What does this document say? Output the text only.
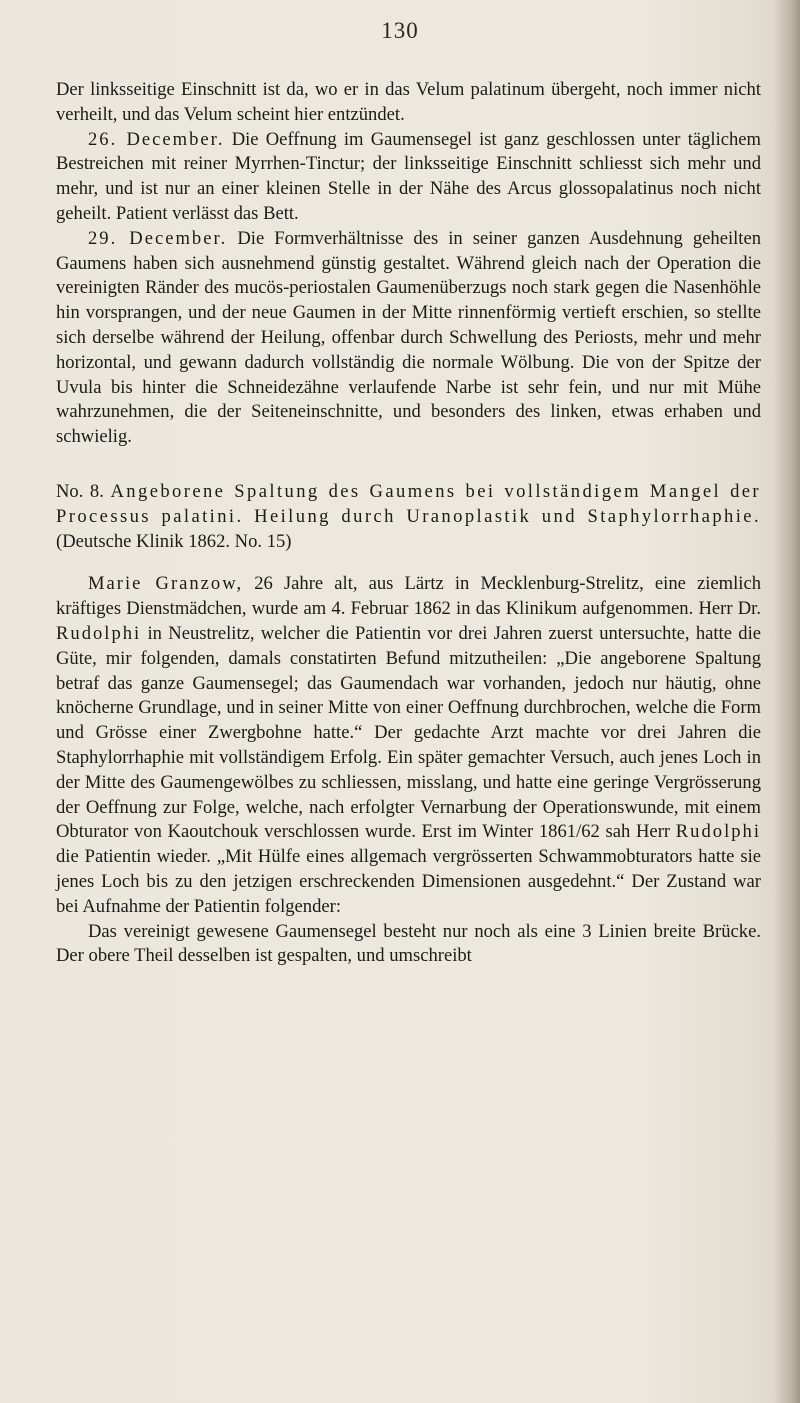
130

Der linksseitige Einschnitt ist da, wo er in das Velum palatinum übergeht, noch immer nicht verheilt, und das Velum scheint hier entzündet.

26. December. Die Oeffnung im Gaumensegel ist ganz geschlossen unter täglichem Bestreichen mit reiner Myrrhen-Tinctur; der linksseitige Einschnitt schliesst sich mehr und mehr, und ist nur an einer kleinen Stelle in der Nähe des Arcus glossopalatinus noch nicht geheilt. Patient verlässt das Bett.

29. December. Die Formverhältnisse des in seiner ganzen Ausdehnung geheilten Gaumens haben sich ausnehmend günstig gestaltet. Während gleich nach der Operation die vereinigten Ränder des mucös-periostalen Gaumenüberzugs noch stark gegen die Nasenhöhle hin vorsprangen, und der neue Gaumen in der Mitte rinnenförmig vertieft erschien, so stellte sich derselbe während der Heilung, offenbar durch Schwellung des Periosts, mehr und mehr horizontal, und gewann dadurch vollständig die normale Wölbung. Die von der Spitze der Uvula bis hinter die Schneidezähne verlaufende Narbe ist sehr fein, und nur mit Mühe wahrzunehmen, die der Seiteneinschnitte, und besonders des linken, etwas erhaben und schwielig.

No. 8. Angeborene Spaltung des Gaumens bei vollständigem Mangel der Processus palatini. Heilung durch Uranoplastik und Staphylorrhaphie. (Deutsche Klinik 1862. No. 15)

Marie Granzow, 26 Jahre alt, aus Lärtz in Mecklenburg-Strelitz, eine ziemlich kräftiges Dienstmädchen, wurde am 4. Februar 1862 in das Klinikum aufgenommen. Herr Dr. Rudolphi in Neustrelitz, welcher die Patientin vor drei Jahren zuerst untersuchte, hatte die Güte, mir folgenden, damals constatirten Befund mitzutheilen: „Die angeborene Spaltung betraf das ganze Gaumensegel; das Gaumendach war vorhanden, jedoch nur häutig, ohne knöcherne Grundlage, und in seiner Mitte von einer Oeffnung durchbrochen, welche die Form und Grösse einer Zwergbohne hatte.“ Der gedachte Arzt machte vor drei Jahren die Staphylorrhaphie mit vollständigem Erfolg. Ein später gemachter Versuch, auch jenes Loch in der Mitte des Gaumengewölbes zu schliessen, misslang, und hatte eine geringe Vergrösserung der Oeffnung zur Folge, welche, nach erfolgter Vernarbung der Operationswunde, mit einem Obturator von Kaoutchouk verschlossen wurde. Erst im Winter 1861/62 sah Herr Rudolphi die Patientin wieder. „Mit Hülfe eines allgemach vergrösserten Schwammobturators hatte sie jenes Loch bis zu den jetzigen erschreckenden Dimensionen ausgedehnt.“ Der Zustand war bei Aufnahme der Patientin folgender:

Das vereinigt gewesene Gaumensegel besteht nur noch als eine 3 Linien breite Brücke. Der obere Theil desselben ist gespalten, und umschreibt
